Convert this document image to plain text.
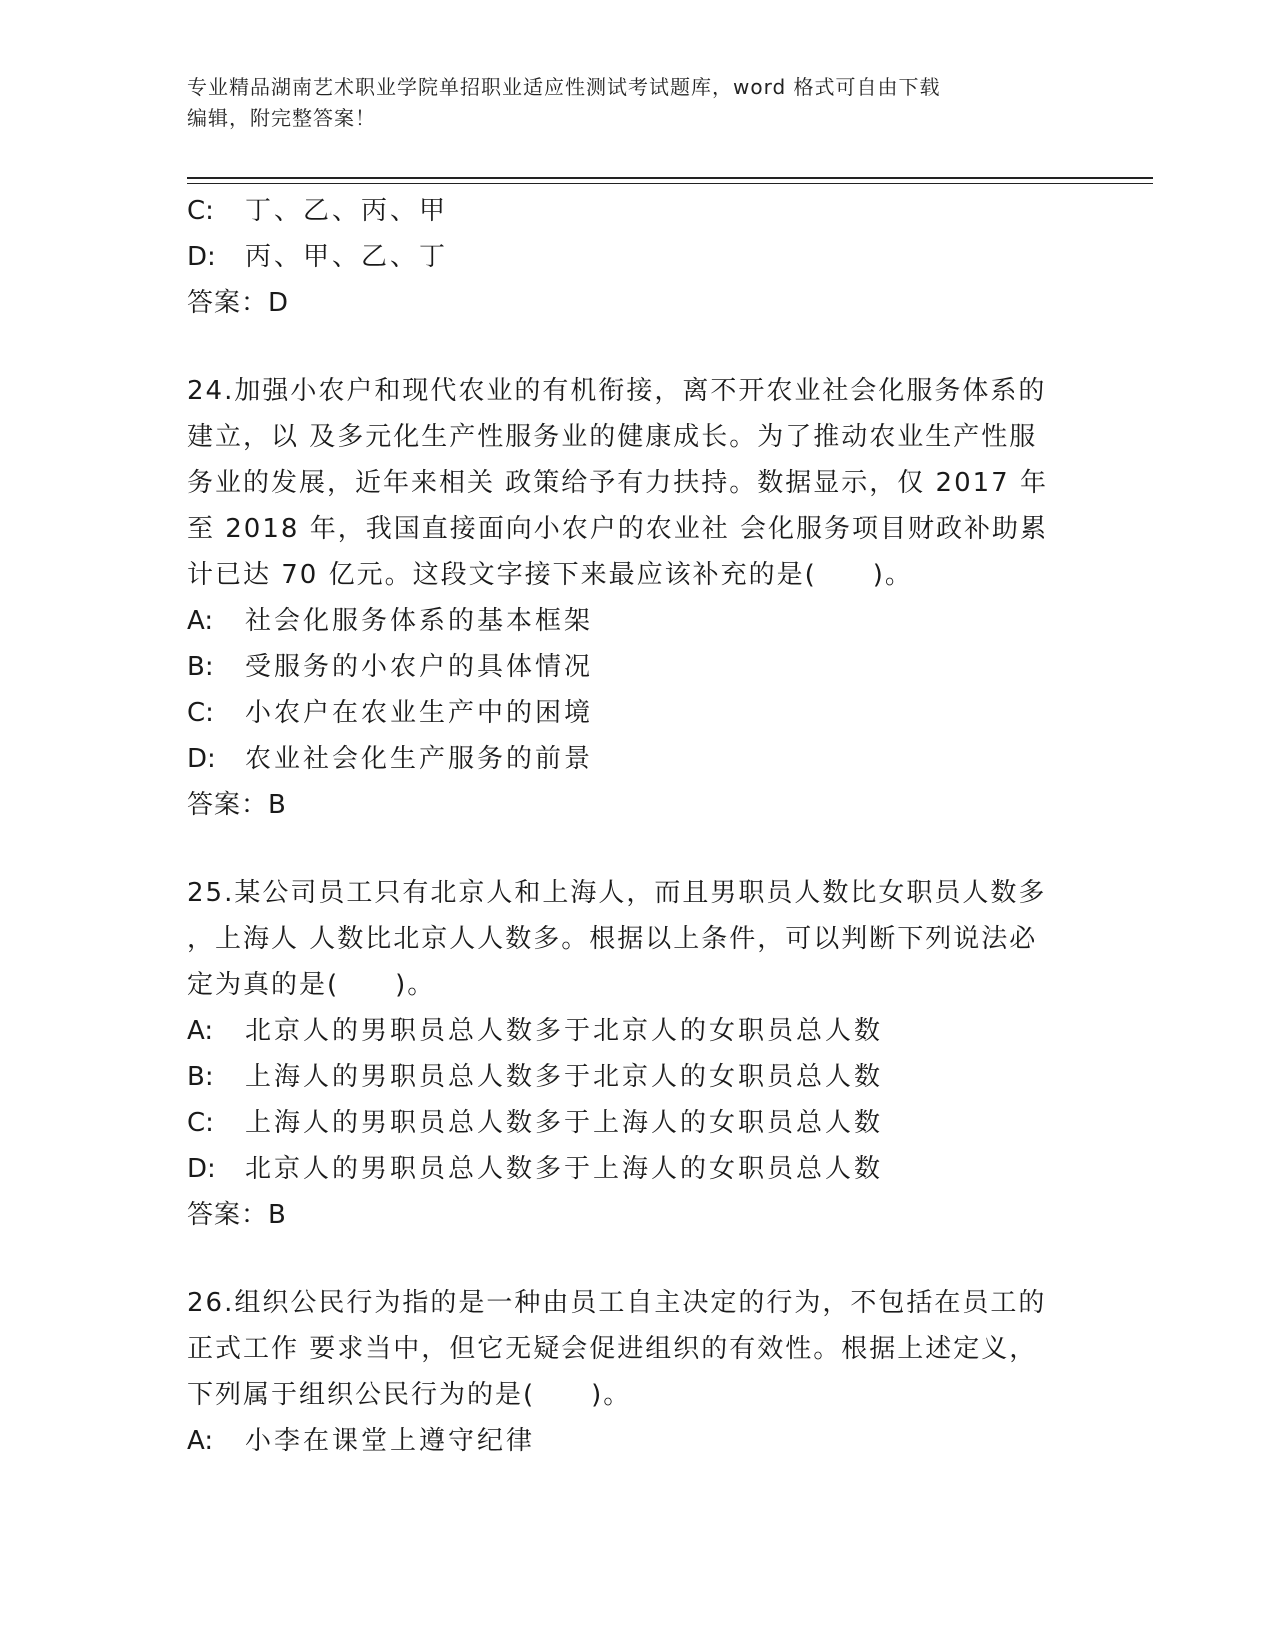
专业精品湖南艺术职业学院单招职业适应性测试考试题库，word 格式可自由下载
编辑，附完整答案！
C: 丁、乙、丙、甲
D: 丙、甲、乙、丁
答案：D
24.加强小农户和现代农业的有机衔接，离不开农业社会化服务体系的
建立，以 及多元化生产性服务业的健康成长。为了推动农业生产性服
务业的发展，近年来相关 政策给予有力扶持。数据显示，仅 2017 年
至 2018 年，我国直接面向小农户的农业社 会化服务项目财政补助累
计已达 70 亿元。这段文字接下来最应该补充的是(　　)。
A: 社会化服务体系的基本框架
B: 受服务的小农户的具体情况
C: 小农户在农业生产中的困境
D: 农业社会化生产服务的前景
答案：B
25.某公司员工只有北京人和上海人，而且男职员人数比女职员人数多
，上海人 人数比北京人人数多。根据以上条件，可以判断下列说法必
定为真的是(　　)。
A: 北京人的男职员总人数多于北京人的女职员总人数
B: 上海人的男职员总人数多于北京人的女职员总人数
C: 上海人的男职员总人数多于上海人的女职员总人数
D: 北京人的男职员总人数多于上海人的女职员总人数
答案：B
26.组织公民行为指的是一种由员工自主决定的行为，不包括在员工的
正式工作 要求当中，但它无疑会促进组织的有效性。根据上述定义，
下列属于组织公民行为的是(　　)。
A: 小李在课堂上遵守纪律
